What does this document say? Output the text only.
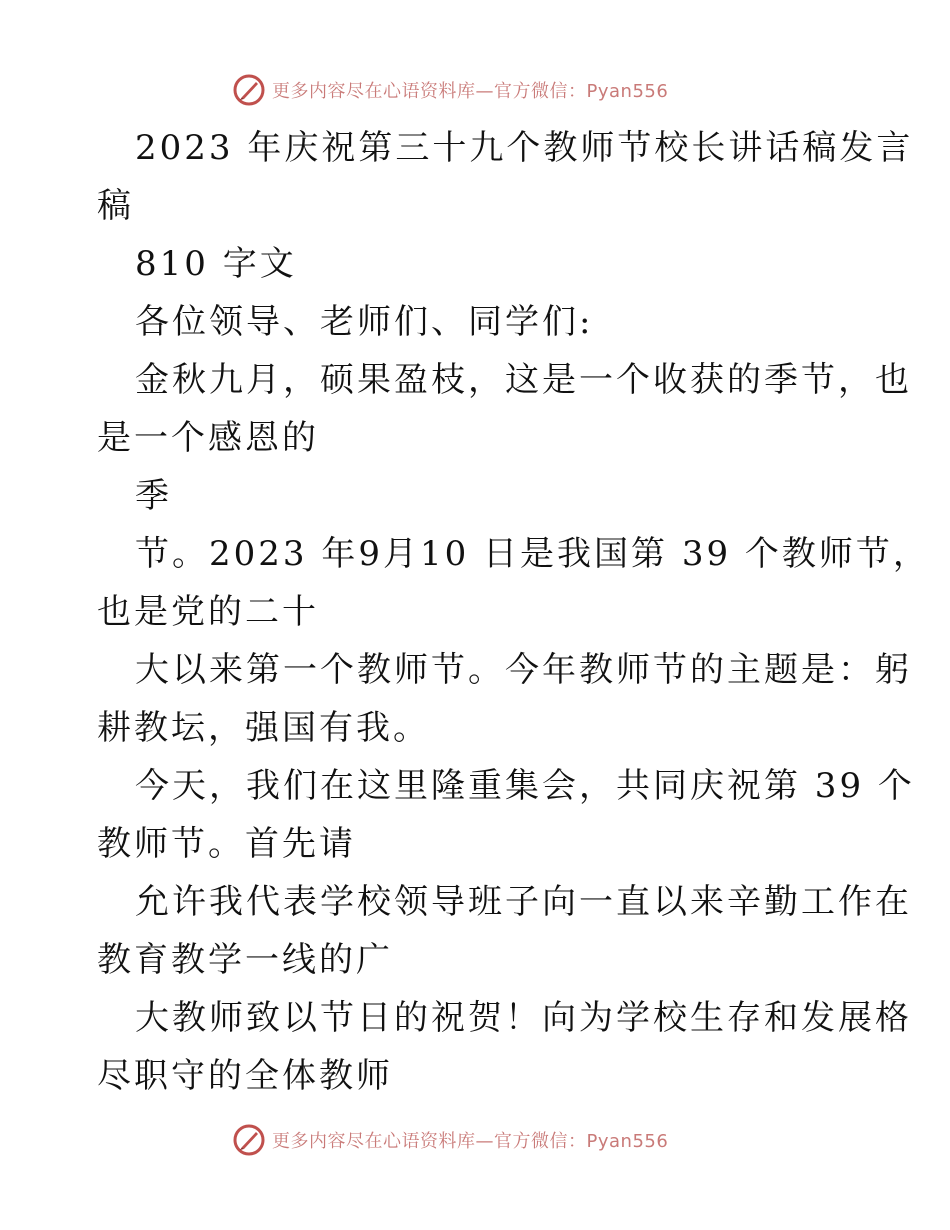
更多内容尽在心语资料库—官方微信：Pyan556
2023 年庆祝第三十九个教师节校长讲话稿发言
稿
810 字文
各位领导、老师们、同学们:
金秋九月，硕果盈枝，这是一个收获的季节，也
是一个感恩的
季
节。2023 年9月10 日是我国第 39 个教师节，
也是党的二十
大以来第一个教师节。今年教师节的主题是：躬
耕教坛，强国有我。
今天，我们在这里隆重集会，共同庆祝第 39 个
教师节。首先请
允许我代表学校领导班子向一直以来辛勤工作在
教育教学一线的广
大教师致以节日的祝贺！向为学校生存和发展格
尽职守的全体教师
更多内容尽在心语资料库—官方微信：Pyan556
